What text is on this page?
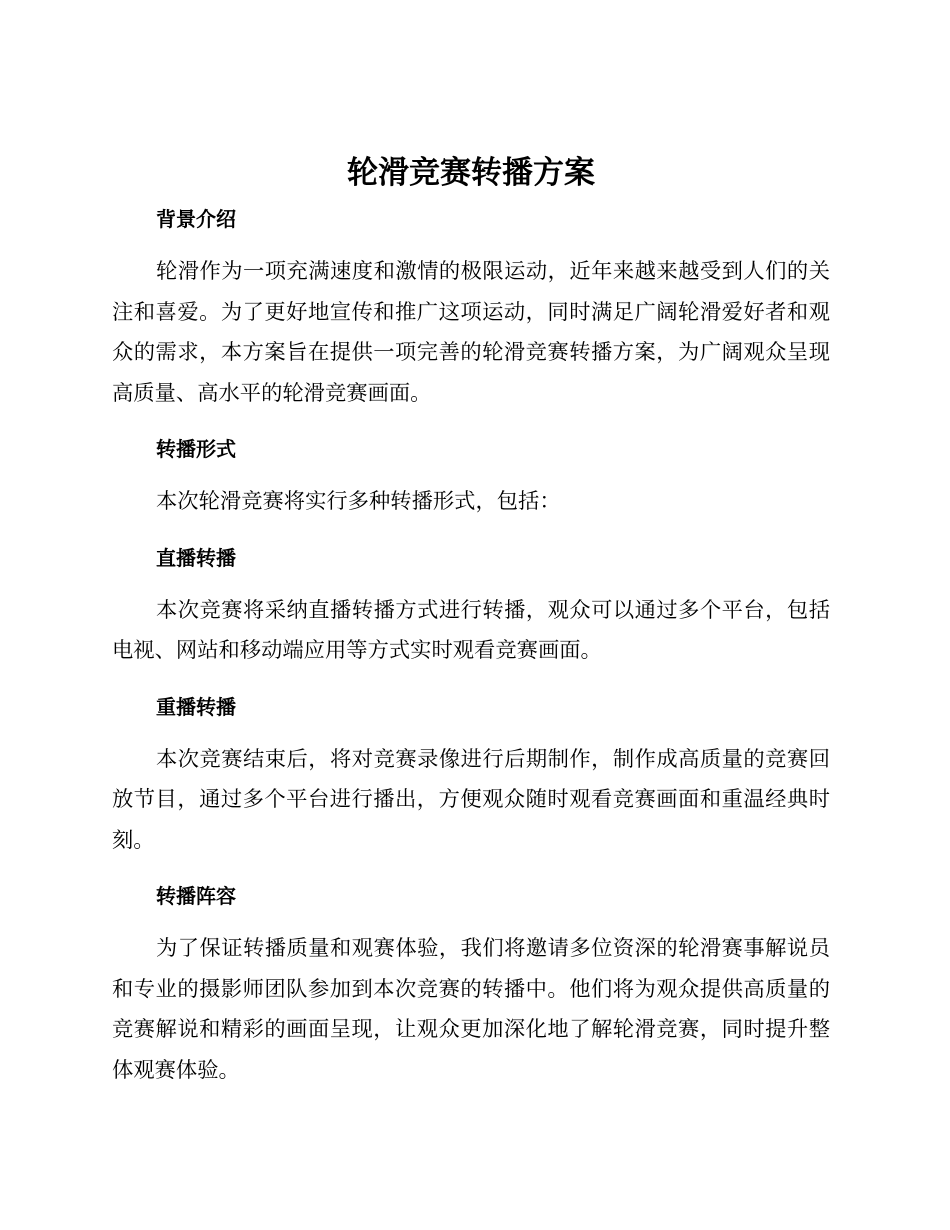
轮滑竞赛转播方案
背景介绍

轮滑作为一项充满速度和激情的极限运动，近年来越来越受到人们的关注和喜爱。为了更好地宣传和推广这项运动，同时满足广阔轮滑爱好者和观众的需求，本方案旨在提供一项完善的轮滑竞赛转播方案，为广阔观众呈现高质量、高水平的轮滑竞赛画面。

转播形式

本次轮滑竞赛将实行多种转播形式，包括：

直播转播

本次竞赛将采纳直播转播方式进行转播，观众可以通过多个平台，包括电视、网站和移动端应用等方式实时观看竞赛画面。

重播转播

本次竞赛结束后，将对竞赛录像进行后期制作，制作成高质量的竞赛回放节目，通过多个平台进行播出，方便观众随时观看竞赛画面和重温经典时刻。

转播阵容

为了保证转播质量和观赛体验，我们将邀请多位资深的轮滑赛事解说员和专业的摄影师团队参加到本次竞赛的转播中。他们将为观众提供高质量的竞赛解说和精彩的画面呈现，让观众更加深化地了解轮滑竞赛，同时提升整体观赛体验。
